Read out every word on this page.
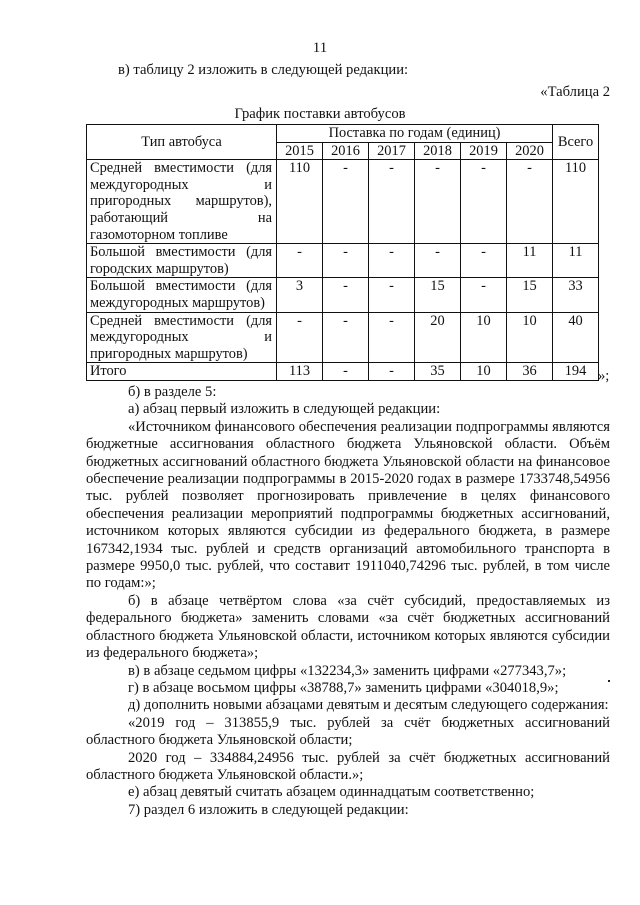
11
в) таблицу 2 изложить в следующей редакции:
«Таблица 2
График поставки автобусов
Тип автобуса	Поставка по годам (единиц)						Всего
	2015	2016	2017	2018	2019	2020	
Средней вместимости (для междугородных и пригородных маршрутов), работающий на газомоторном топливе	110	-	-	-	-	-	110
Большой вместимости (для городских маршрутов)	-	-	-	-	-	11	11
Большой вместимости (для междугородных маршрутов)	3	-	-	15	-	15	33
Средней вместимости (для междугородных и пригородных маршрутов)	-	-	-	20	10	10	40
Итого	113	-	-	35	10	36	194 »;

б) в разделе 5:

а) абзац первый изложить в следующей редакции:

«Источником финансового обеспечения реализации подпрограммы являются бюджетные ассигнования областного бюджета Ульяновской области. Объём бюджетных ассигнований областного бюджета Ульяновской области на финансовое обеспечение реализации подпрограммы в 2015-2020 годах в размере 1733748,54956 тыс. рублей позволяет прогнозировать привлечение в целях финансового обеспечения реализации мероприятий подпрограммы бюджетных ассигнований, источником которых являются субсидии из федерального бюджета, в размере 167342,1934 тыс. рублей и средств организаций автомобильного транспорта в размере 9950,0 тыс. рублей, что составит 1911040,74296 тыс. рублей, в том числе по годам:»;

б) в абзаце четвёртом слова «за счёт субсидий, предоставляемых из федерального бюджета» заменить словами «за счёт бюджетных ассигнований областного бюджета Ульяновской области, источником которых являются субсидии из федерального бюджета»;

в) в абзаце седьмом цифры «132234,3» заменить цифрами «277343,7»;

г) в абзаце восьмом цифры «38788,7» заменить цифрами «304018,9»;

д) дополнить новыми абзацами девятым и десятым следующего содержания:

«2019 год – 313855,9 тыс. рублей за счёт бюджетных ассигнований областного бюджета Ульяновской области;

2020 год – 334884,24956 тыс. рублей за счёт бюджетных ассигнований областного бюджета Ульяновской области.»;

е) абзац девятый считать абзацем одиннадцатым соответственно;

7) раздел 6 изложить в следующей редакции:
